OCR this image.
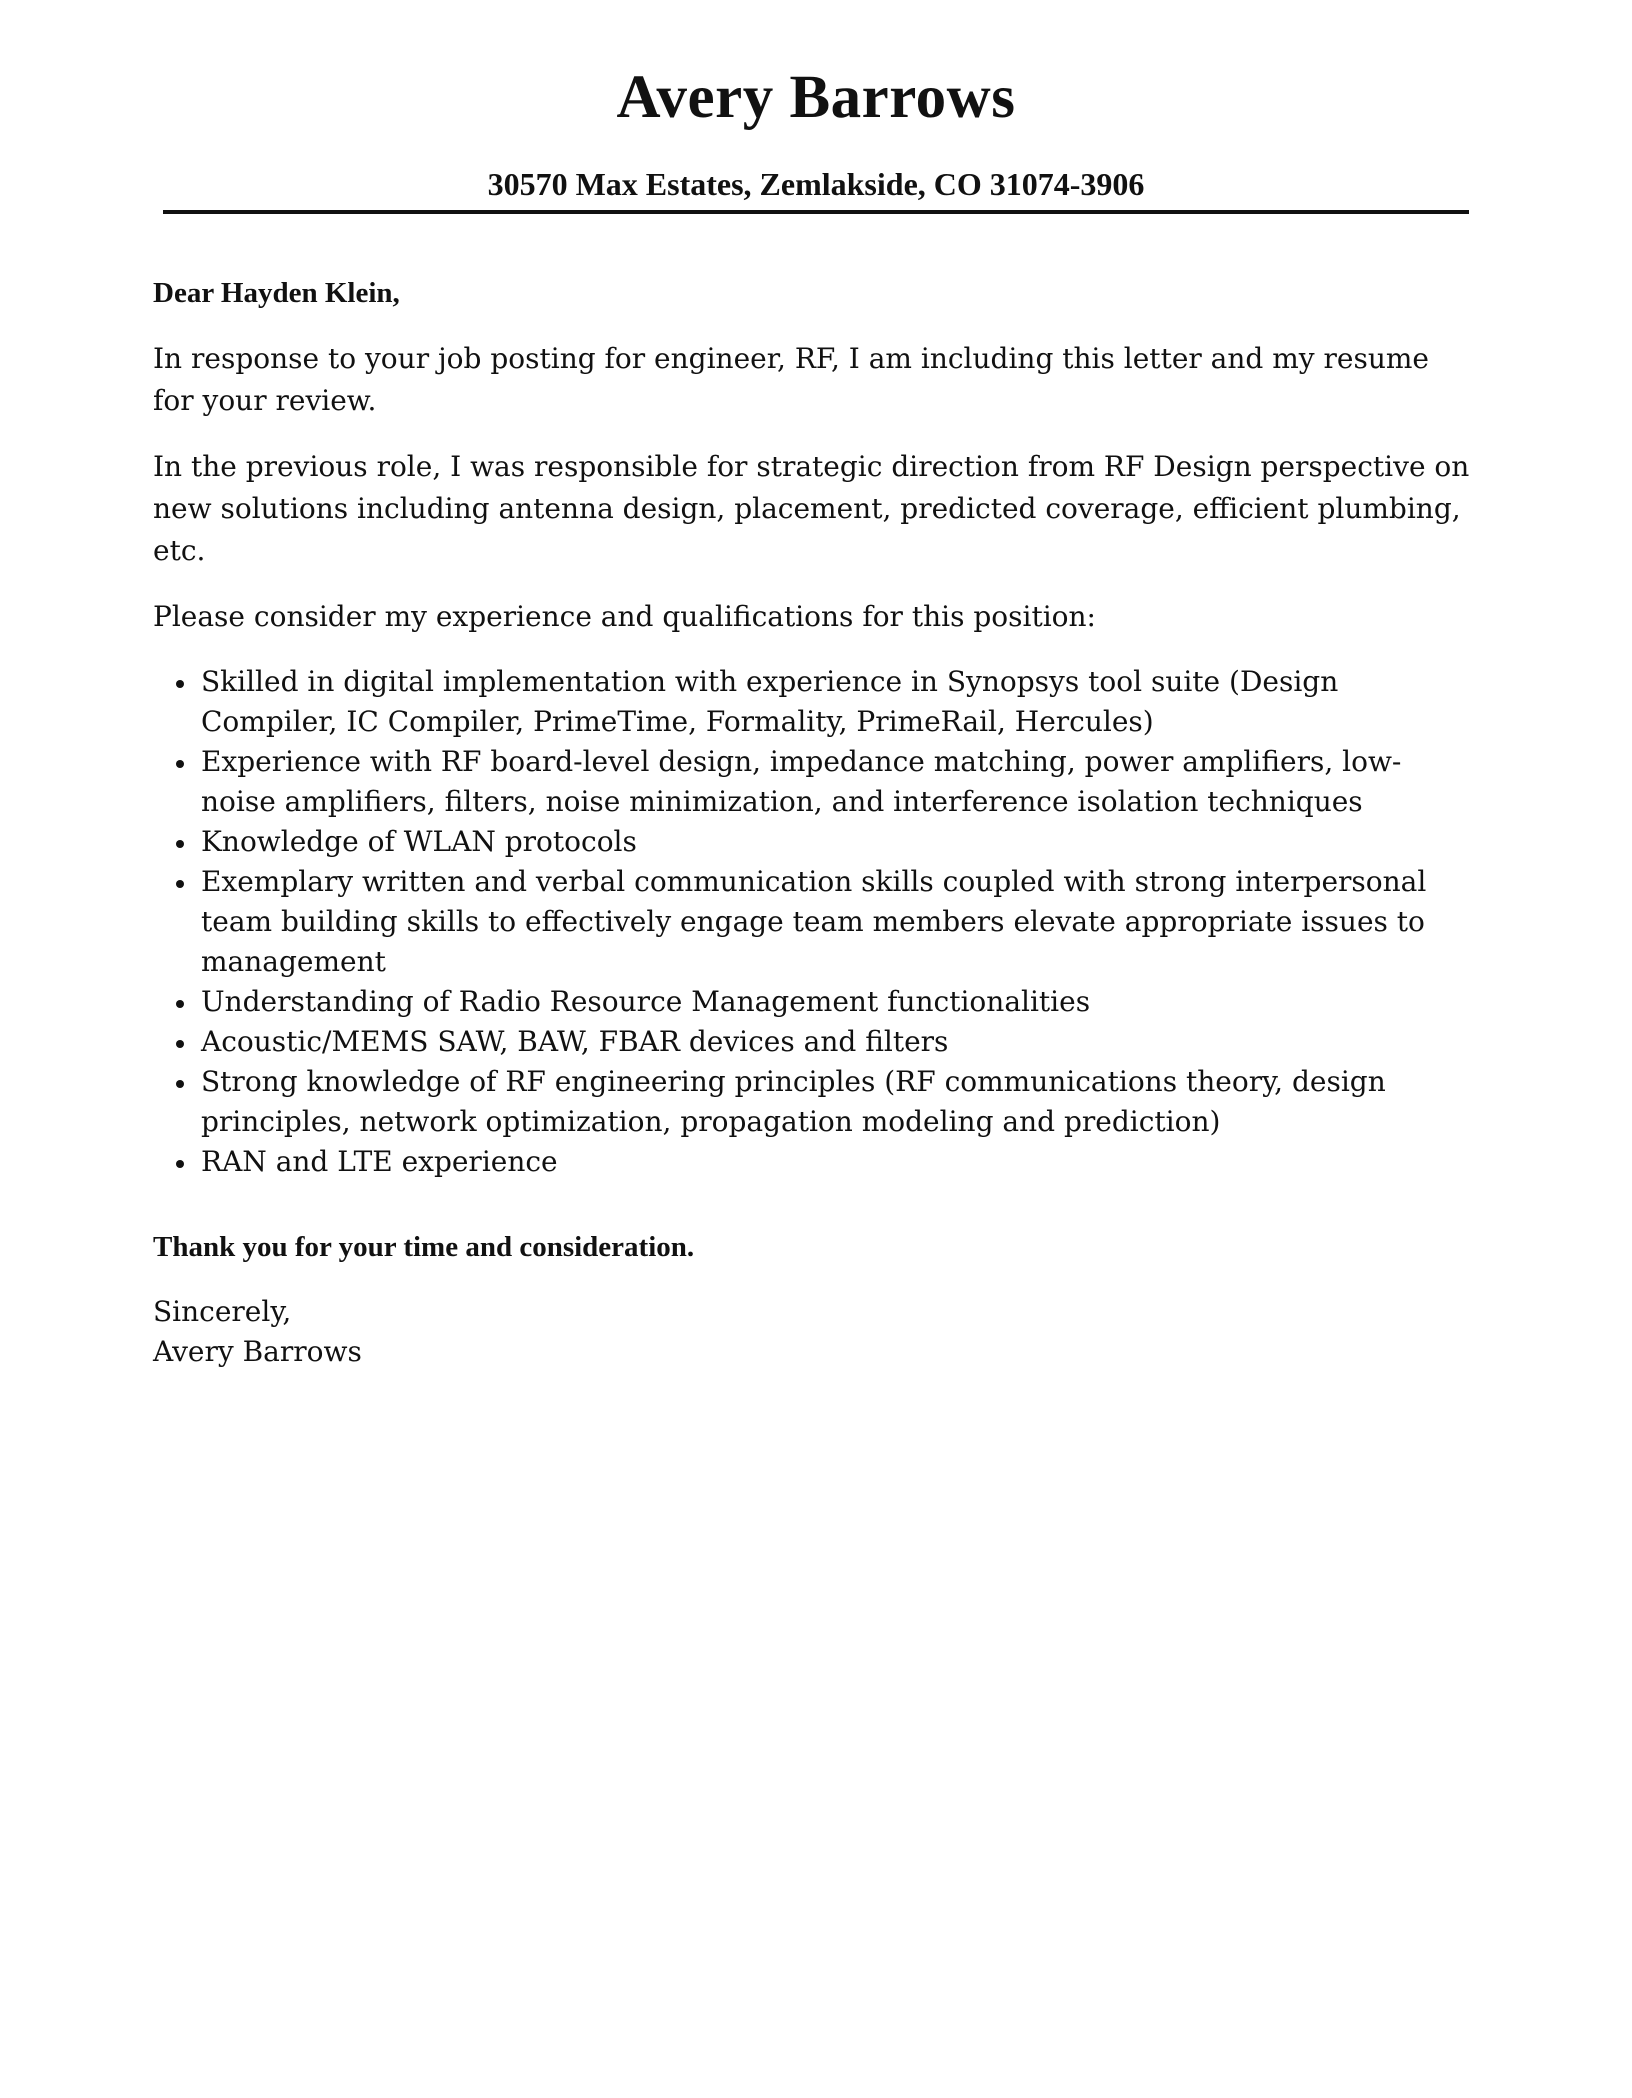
Avery Barrows
30570 Max Estates, Zemlakside, CO 31074-3906

Dear Hayden Klein,

In response to your job posting for engineer, RF, I am including this letter and my resume for your review.

In the previous role, I was responsible for strategic direction from RF Design perspective on new solutions including antenna design, placement, predicted coverage, efficient plumbing, etc.

Please consider my experience and qualifications for this position:

Skilled in digital implementation with experience in Synopsys tool suite (Design Compiler, IC Compiler, PrimeTime, Formality, PrimeRail, Hercules)
Experience with RF board-level design, impedance matching, power amplifiers, low-noise amplifiers, filters, noise minimization, and interference isolation techniques
Knowledge of WLAN protocols
Exemplary written and verbal communication skills coupled with strong interpersonal team building skills to effectively engage team members elevate appropriate issues to management
Understanding of Radio Resource Management functionalities
Acoustic/MEMS SAW, BAW, FBAR devices and filters
Strong knowledge of RF engineering principles (RF communications theory, design principles, network optimization, propagation modeling and prediction)
RAN and LTE experience

Thank you for your time and consideration.

Sincerely,

Avery Barrows
